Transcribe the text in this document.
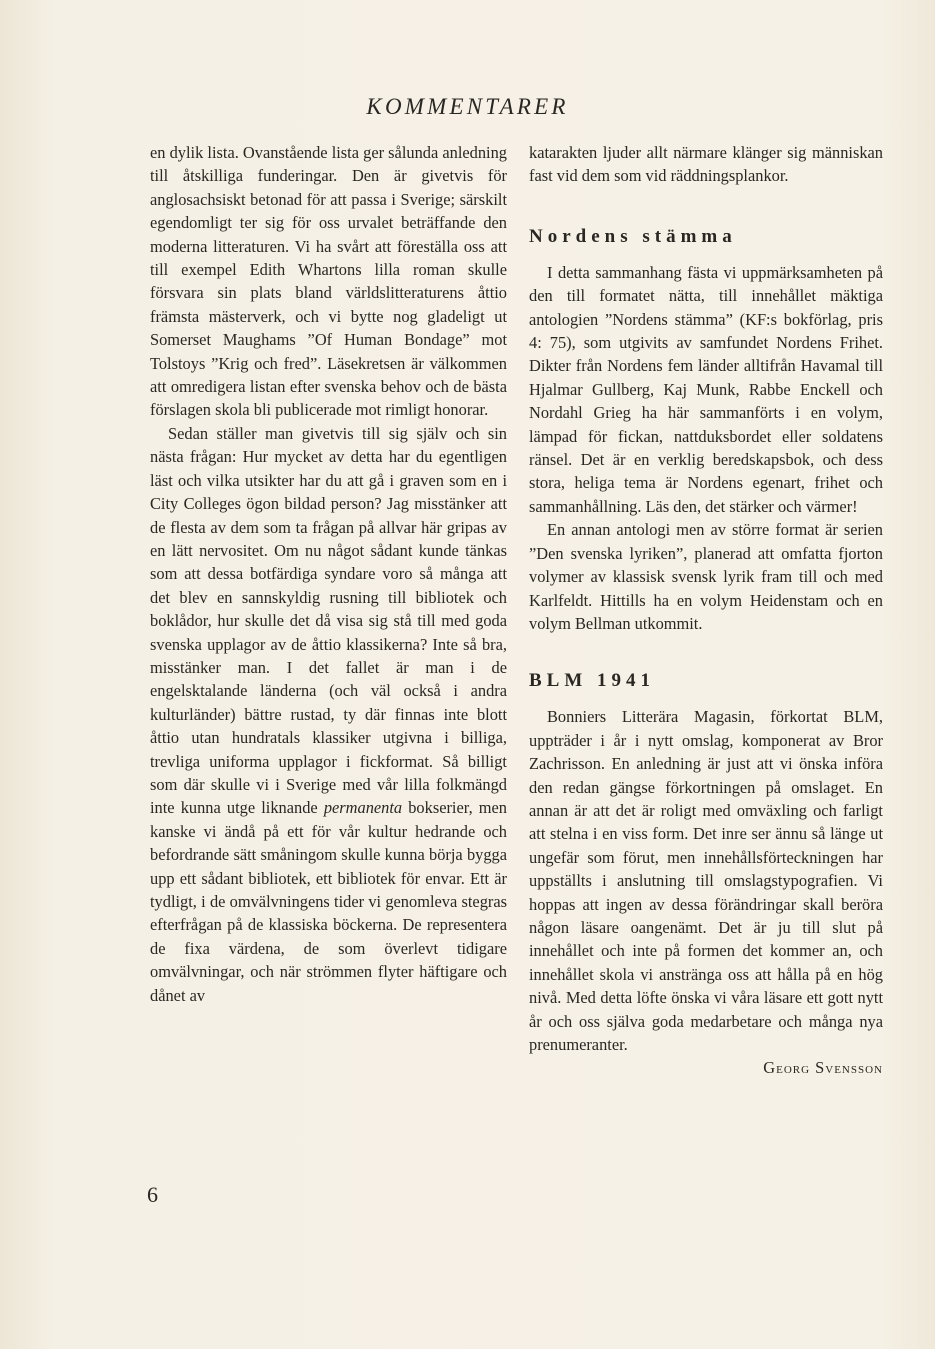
KOMMENTARER

en dylik lista. Ovanstående lista ger sålunda anledning till åtskilliga funderingar. Den är givetvis för anglosachsiskt betonad för att passa i Sverige; särskilt egendomligt ter sig för oss urvalet beträffande den moderna litteraturen. Vi ha svårt att föreställa oss att till exempel Edith Whartons lilla roman skulle försvara sin plats bland världslitteraturens åttio främsta mästerverk, och vi bytte nog gladeligt ut Somerset Maughams ”Of Human Bondage” mot Tolstoys ”Krig och fred”. Läsekretsen är välkommen att omredigera listan efter svenska behov och de bästa förslagen skola bli publicerade mot rimligt honorar.

Sedan ställer man givetvis till sig själv och sin nästa frågan: Hur mycket av detta har du egentligen läst och vilka utsikter har du att gå i graven som en i City Colleges ögon bildad person? Jag misstänker att de flesta av dem som ta frågan på allvar här gripas av en lätt nervositet. Om nu något sådant kunde tänkas som att dessa botfärdiga syndare voro så många att det blev en sannskyldig rusning till bibliotek och boklådor, hur skulle det då visa sig stå till med goda svenska upplagor av de åttio klassikerna? Inte så bra, misstänker man. I det fallet är man i de engelsktalande länderna (och väl också i andra kulturländer) bättre rustad, ty där finnas inte blott åttio utan hundratals klassiker utgivna i billiga, trevliga uniforma upplagor i fickformat. Så billigt som där skulle vi i Sverige med vår lilla folkmängd inte kunna utge liknande permanenta bokserier, men kanske vi ändå på ett för vår kultur hedrande och befordrande sätt småningom skulle kunna börja bygga upp ett sådant bibliotek, ett bibliotek för envar. Ett är tydligt, i de omvälvningens tider vi genomleva stegras efterfrågan på de klassiska böckerna. De representera de fixa värdena, de som överlevt tidigare omvälvningar, och när strömmen flyter häftigare och dånet av

katarakten ljuder allt närmare klänger sig människan fast vid dem som vid räddningsplankor.

Nordens stämma

I detta sammanhang fästa vi uppmärksamheten på den till formatet nätta, till innehållet mäktiga antologien ”Nordens stämma” (KF:s bokförlag, pris 4: 75), som utgivits av samfundet Nordens Frihet. Dikter från Nordens fem länder alltifrån Havamal till Hjalmar Gullberg, Kaj Munk, Rabbe Enckell och Nordahl Grieg ha här sammanförts i en volym, lämpad för fickan, nattduksbordet eller soldatens ränsel. Det är en verklig beredskapsbok, och dess stora, heliga tema är Nordens egenart, frihet och sammanhållning. Läs den, det stärker och värmer!

En annan antologi men av större format är serien ”Den svenska lyriken”, planerad att omfatta fjorton volymer av klassisk svensk lyrik fram till och med Karlfeldt. Hittills ha en volym Heidenstam och en volym Bellman utkommit.

BLM 1941

Bonniers Litterära Magasin, förkortat BLM, uppträder i år i nytt omslag, komponerat av Bror Zachrisson. En anledning är just att vi önska införa den redan gängse förkortningen på omslaget. En annan är att det är roligt med omväxling och farligt att stelna i en viss form. Det inre ser ännu så länge ut ungefär som förut, men innehållsförteckningen har uppställts i anslutning till omslagstypografien. Vi hoppas att ingen av dessa förändringar skall beröra någon läsare oangenämt. Det är ju till slut på innehållet och inte på formen det kommer an, och innehållet skola vi anstränga oss att hålla på en hög nivå. Med detta löfte önska vi våra läsare ett gott nytt år och oss själva goda medarbetare och många nya prenumeranter.

Georg Svensson

6
